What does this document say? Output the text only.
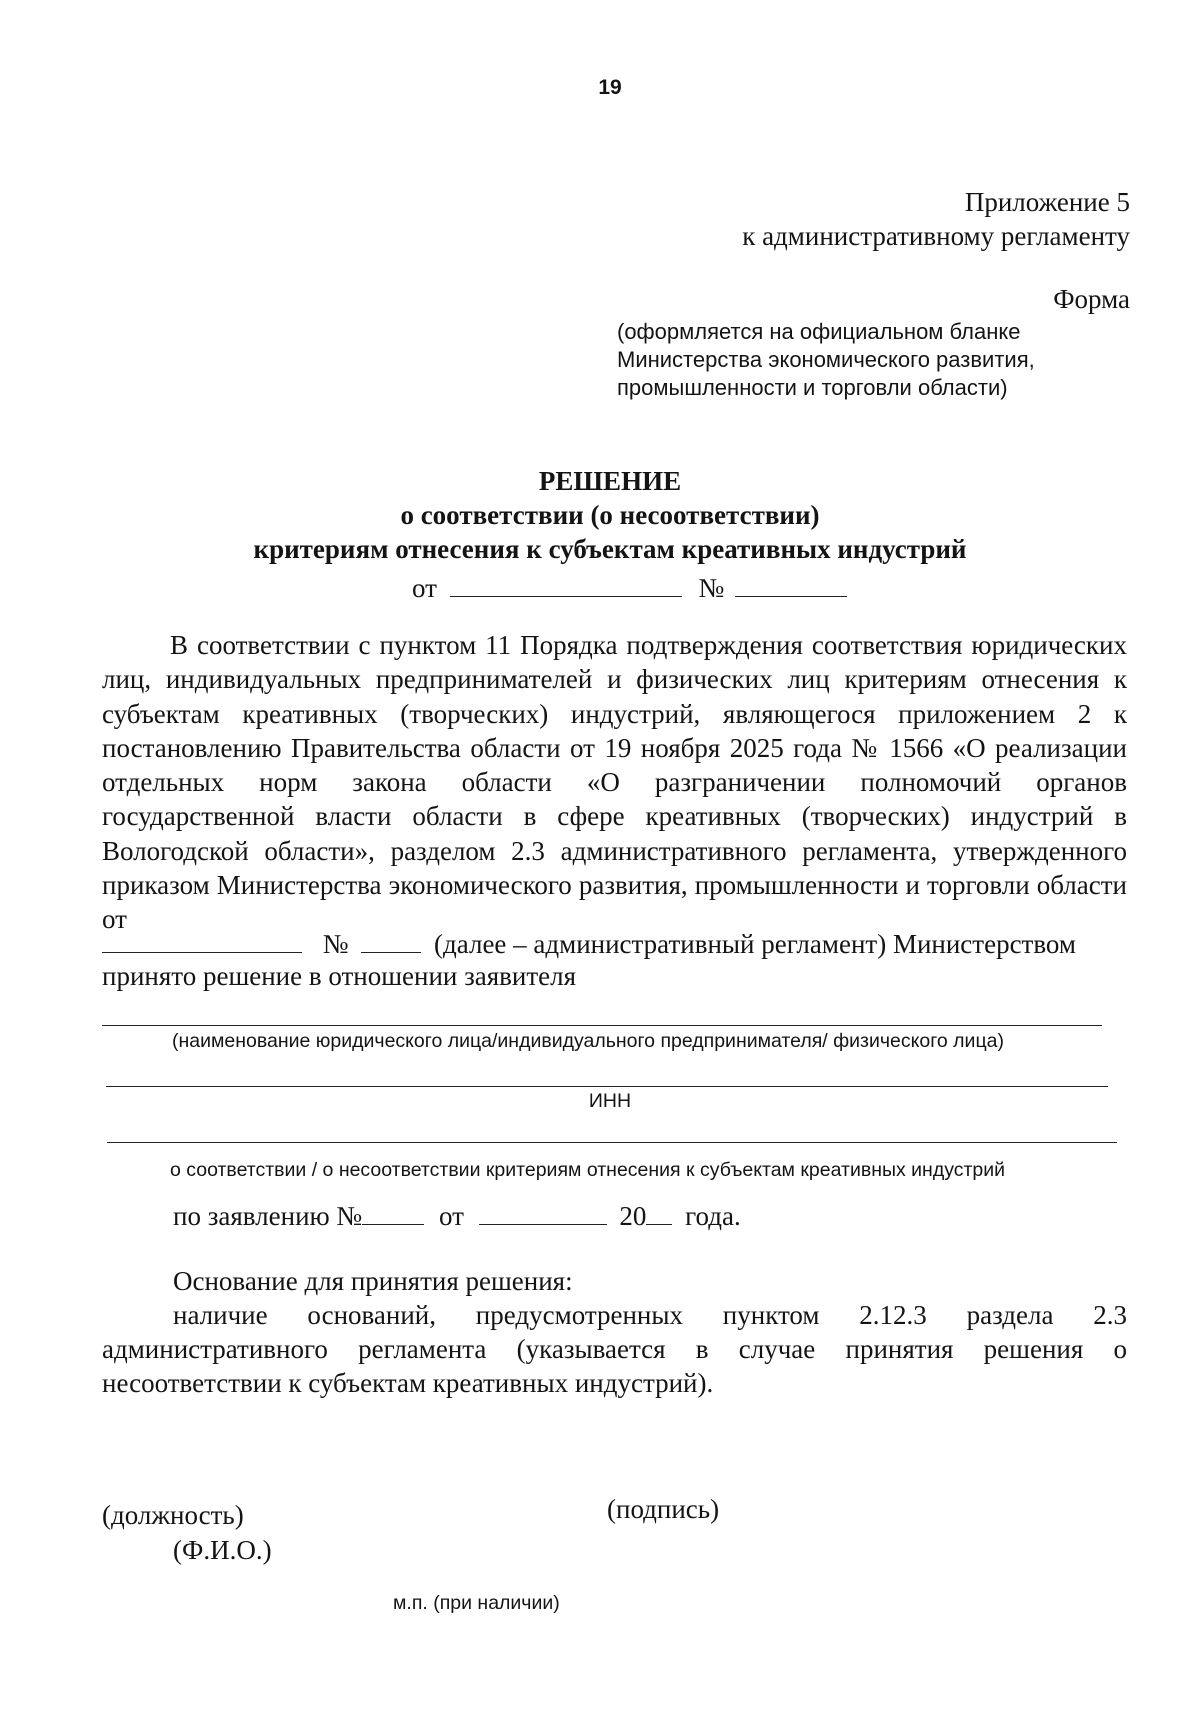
19
Приложение 5
к административному регламенту
Форма
(оформляется на официальном бланке Министерства экономического развития, промышленности и торговли области)
РЕШЕНИЕ
о соответствии (о несоответствии)
критериям отнесения к субъектам креативных индустрий
от	№
В соответствии с пунктом 11 Порядка подтверждения соответствия юридических лиц, индивидуальных предпринимателей и физических лиц критериям отнесения к субъектам креативных (творческих) индустрий, являющегося приложением 2 к постановлению Правительства области от 19 ноября 2025 года № 1566 «О реализации отдельных норм закона области «О разграничении полномочий органов государственной власти области в сфере креативных (творческих) индустрий в Вологодской области», разделом 2.3 административного регламента, утвержденного приказом Министерства экономического развития, промышленности и торговли области от
№	(далее – административный регламент) Министерством
принято решение в отношении заявителя
(наименование юридического лица/индивидуального предпринимателя/ физического лица)
ИНН
о соответствии / о несоответствии критериям отнесения к субъектам креативных индустрий
по заявлению №	от	20 года.
Основание для принятия решения:
наличие оснований, предусмотренных пунктом 2.12.3 раздела 2.3 административного регламента (указывается в случае принятия решения о несоответствии к субъектам креативных индустрий).
(должность)	(подпись)
(Ф.И.О.)
м.п. (при наличии)
